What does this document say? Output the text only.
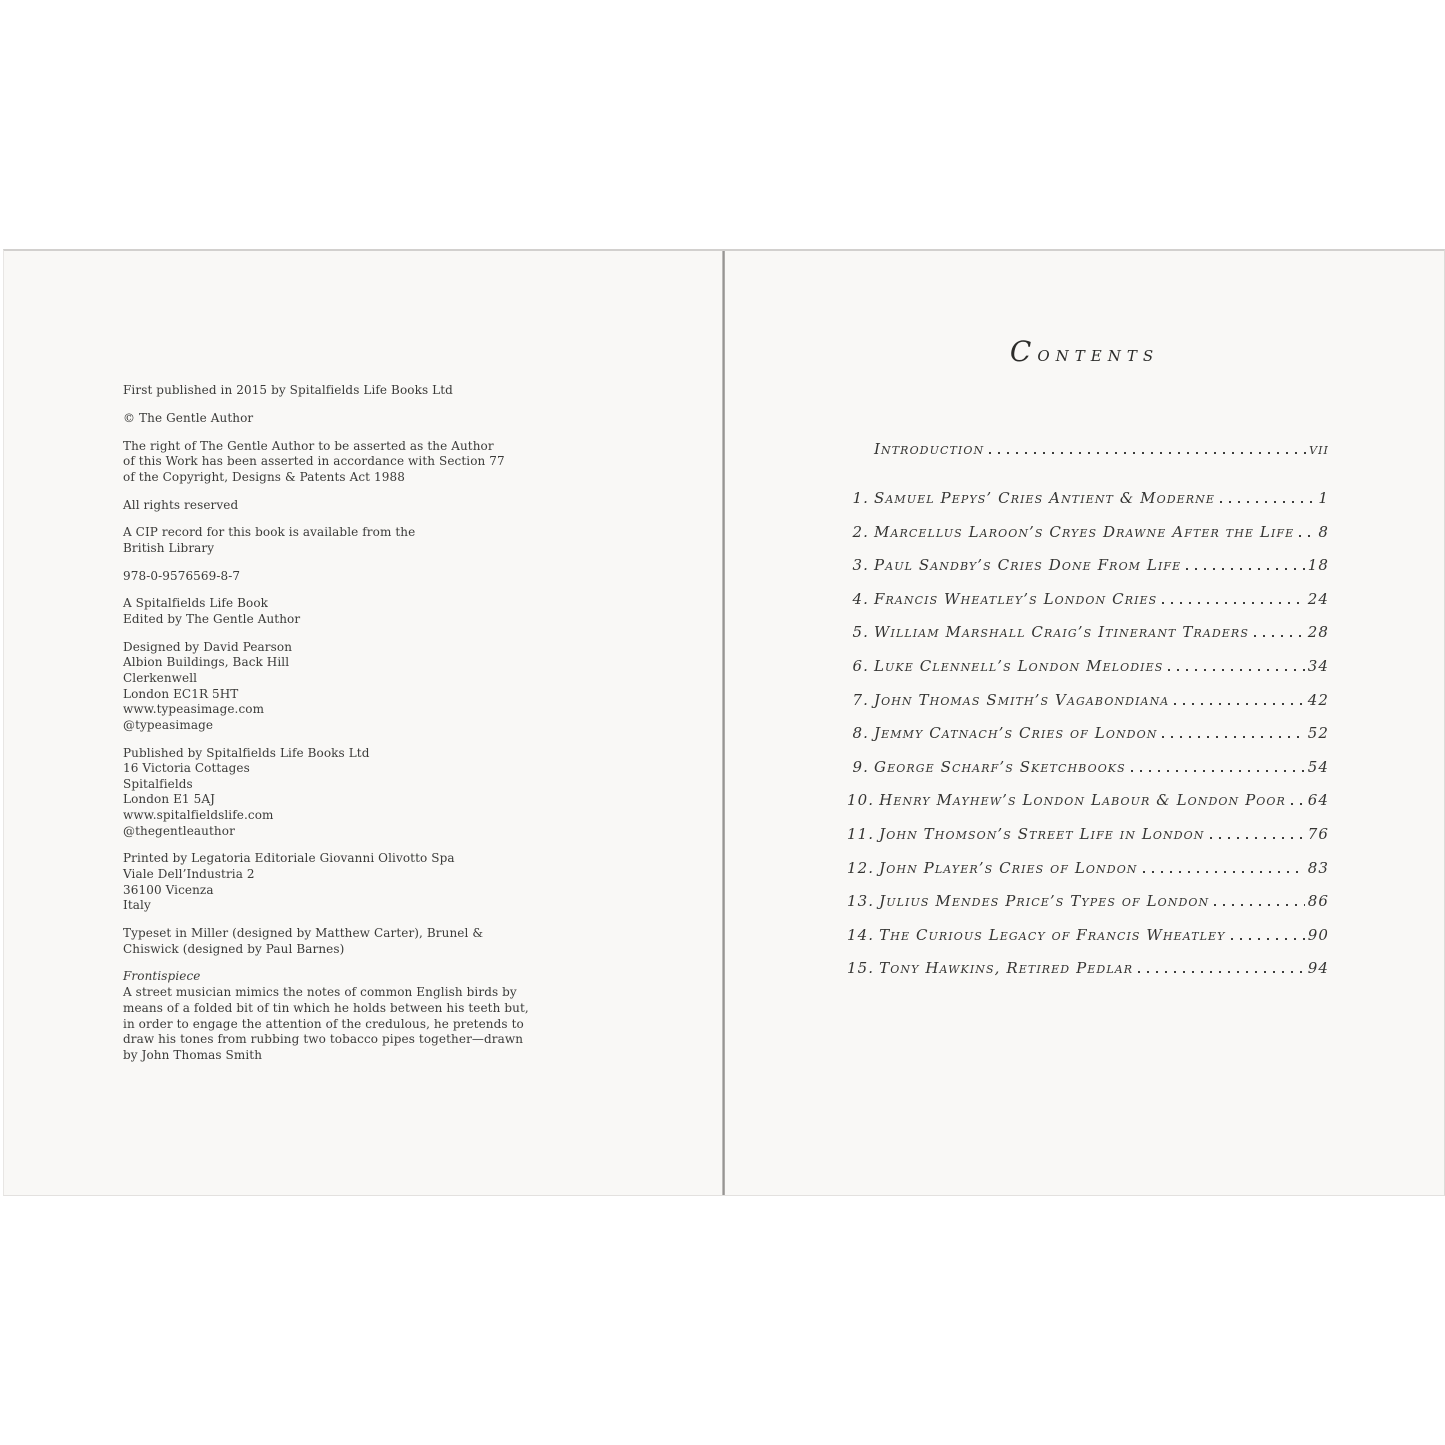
First published in 2015 by Spitalfields Life Books Ltd

© The Gentle Author

The right of The Gentle Author to be asserted as the Author
of this Work has been asserted in accordance with Section 77
of the Copyright, Designs & Patents Act 1988

All rights reserved

A CIP record for this book is available from the
British Library

978-0-9576569-8-7

A Spitalfields Life Book
Edited by The Gentle Author

Designed by David Pearson
Albion Buildings, Back Hill
Clerkenwell
London EC1R 5HT
www.typeasimage.com
@typeasimage

Published by Spitalfields Life Books Ltd
16 Victoria Cottages
Spitalfields
London E1 5AJ
www.spitalfieldslife.com
@thegentleauthor

Printed by Legatoria Editoriale Giovanni Olivotto Spa
Viale Dell’Industria 2
36100 Vicenza
Italy

Typeset in Miller (designed by Matthew Carter), Brunel &
Chiswick (designed by Paul Barnes)

Frontispiece
A street musician mimics the notes of common English birds by
means of a folded bit of tin which he holds between his teeth but,
in order to engage the attention of the credulous, he pretends to
draw his tones from rubbing two tobacco pipes together—drawn
by John Thomas Smith

Contents
Introduction	vii
1. Samuel Pepys’ Cries Antient & Moderne	1
2. Marcellus Laroon’s Cryes Drawne After the Life 8
3. Paul Sandby’s Cries Done From Life	18
4. Francis Wheatley’s London Cries	24
5. William Marshall Craig’s Itinerant Traders	28
6. Luke Clennell’s London Melodies	34
7. John Thomas Smith’s Vagabondiana	42
8. Jemmy Catnach’s Cries of London	52
9. George Scharf’s Sketchbooks	54
10. Henry Mayhew’s London Labour & London Poor 64
11. John Thomson’s Street Life in London	76
12. John Player’s Cries of London	83
13. Julius Mendes Price’s Types of London	86
14. The Curious Legacy of Francis Wheatley	90
15. Tony Hawkins, Retired Pedlar	94
